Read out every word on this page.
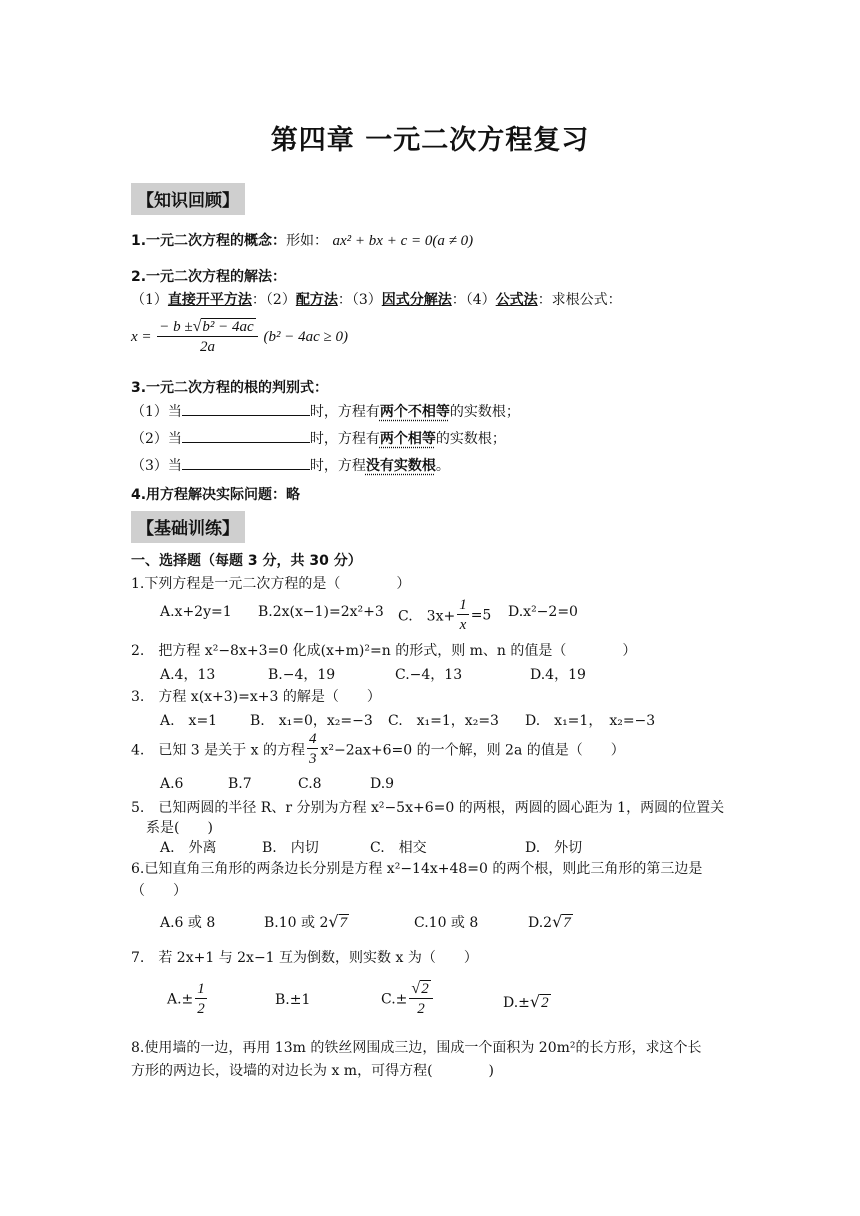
第四章 一元二次方程复习
【知识回顾】
1.一元二次方程的概念：形如： ax² + bx + c = 0(a ≠ 0)
2.一元二次方程的解法：
（1）直接开平方法：（2）配方法：（3）因式分解法：（4）公式法：求根公式：
$x = \frac{\text{− b ±√b² − 4ac}}{2a} (b^2 - 4ac \ge 0)$
3.一元二次方程的根的判别式：
（1）当	时，方程有两个不相等的实数根；
（2）当	时，方程有两个相等的实数根；
（3）当	时，方程没有实数根。
4.用方程解决实际问题：略
【基础训练】
一、选择题（每题 3 分，共 30 分）
1.下列方程是一元二次方程的是（　　　　）
A.x+2y=1 B.2x(x−1)=2x²+3 C.　$3x+ \frac{1}{x} =5$ D.x²−2=0
2.　把方程 x²−8x+3=0 化成(x+m)²=n 的形式，则 m、n 的值是（　　　　）
A.4，13	B.−4，19	C.−4，13	D.4，19
3.　方程 x(x+3)=x+3 的解是（　　）
A.　x=1 B.　x₁=0，x₂=−3 C.　x₁=1，x₂=3 D.　x₁=1，　x₂=−3
4.　已知 3 是关于 x 的方程 $\frac{4}{3} x^2-2ax+6=0$ 的一个解，则 2a 的值是（　　）
A.6	B.7	C.8	D.9
5.　已知两圆的半径 R、r 分别为方程 x²−5x+6=0 的两根，两圆的圆心距为 1，两圆的位置关
系是(　　)
A.　外离	B.　内切	C.　相交	D.　外切
6.已知直角三角形的两条边长分别是方程 x²−14x+48=0 的两个根，则此三角形的第三边是
（　　）
A.6 或 8	B.10 或 2√7	C.10 或 8	D.2√7
7.　若 2x+1 与 2x−1 互为倒数，则实数 x 为（　　）
$A.\pm \frac{1}{2}$	B.±1	$C.\pm \frac{√2}{2}$	D.±√2
8.使用墙的一边，再用 13m 的铁丝网围成三边，围成一个面积为 20m²的长方形，求这个长
方形的两边长，设墙的对边长为 x m，可得方程(　　　　)
